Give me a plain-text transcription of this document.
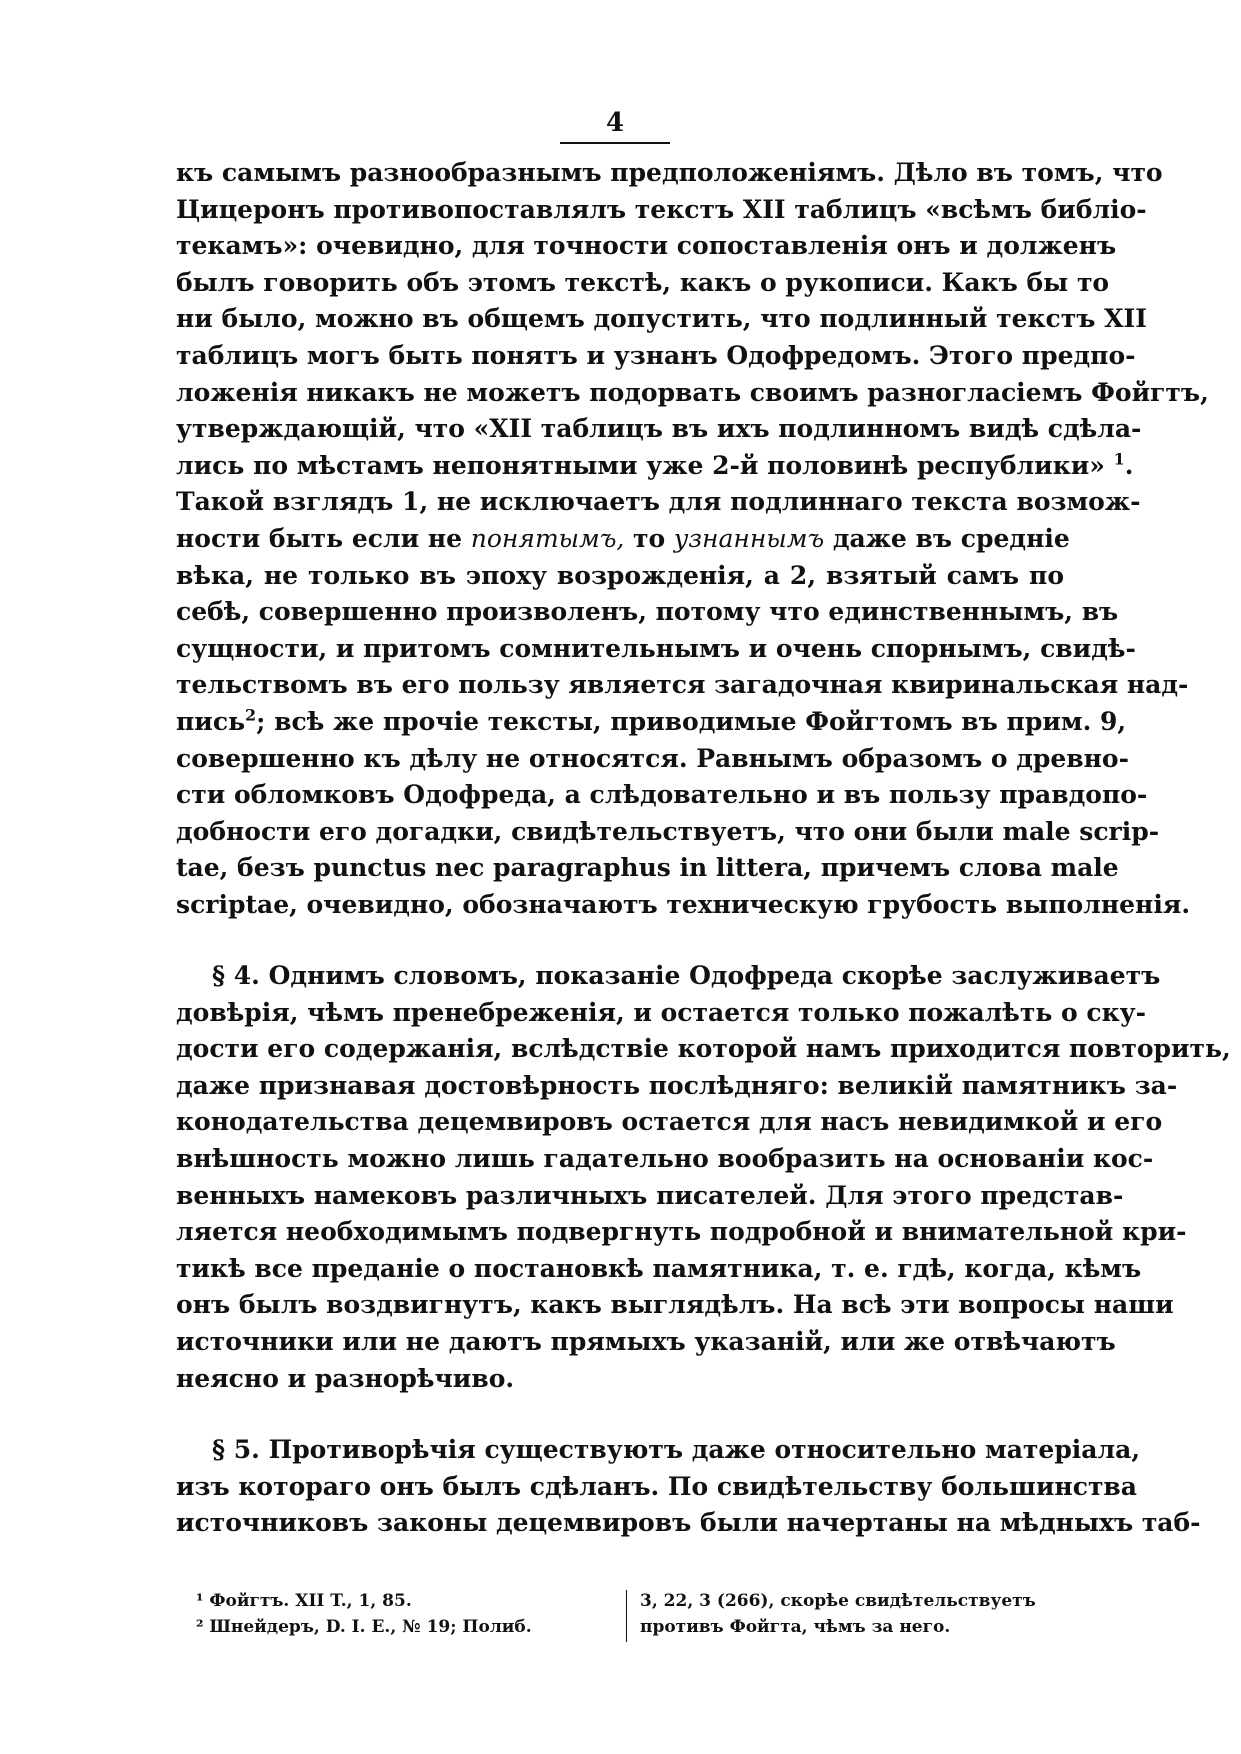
4
къ самымъ разнообразнымъ предположеніямъ. Дѣло въ томъ, что
Цицеронъ противопоставлялъ текстъ XII таблицъ «всѣмъ библіо-
текамъ»: очевидно, для точности сопоставленія онъ и долженъ
былъ говорить объ этомъ текстѣ, какъ о рукописи. Какъ бы то
ни было, можно въ общемъ допустить, что подлинный текстъ XII
таблицъ могъ быть понятъ и узнанъ Одофредомъ. Этого предпо-
ложенія никакъ не можетъ подорвать своимъ разногласіемъ Фойгтъ,
утверждающій, что «XII таблицъ въ ихъ подлинномъ видѣ сдѣла-
лись по мѣстамъ непонятными уже 2-й половинѣ республики» $^1$.
Такой взглядъ 1, не исключаетъ для подлиннаго текста возмож-
ности быть если не понятымъ, то узнаннымъ даже въ средніе
вѣка, не только въ эпоху возрожденія, а 2, взятый самъ по
себѣ, совершенно произволенъ, потому что единственнымъ, въ
сущности, и притомъ сомнительнымъ и очень спорнымъ, свидѣ-
тельствомъ въ его пользу является загадочная квиринальская над-
пись$^2$; всѣ же прочіе тексты, приводимые Фойгтомъ въ прим. 9,
совершенно къ дѣлу не относятся. Равнымъ образомъ о древно-
сти обломковъ Одофреда, а слѣдовательно и въ пользу правдопо-
добности его догадки, свидѣтельствуетъ, что они были male scrip-
tae, безъ punctus nec paragraphus in littera, причемъ слова male
scriptae, очевидно, обозначаютъ техническую грубость выполненія.
§ 4. Однимъ словомъ, показаніе Одофреда скорѣе заслуживаетъ
довѣрія, чѣмъ пренебреженія, и остается только пожалѣть о ску-
дости его содержанія, вслѣдствіе которой намъ приходится повторить,
даже признавая достовѣрность послѣдняго: великій памятникъ за-
конодательства децемвировъ остается для насъ невидимкой и его
внѣшность можно лишь гадательно вообразить на основаніи кос-
венныхъ намековъ различныхъ писателей. Для этого представ-
ляется необходимымъ подвергнуть подробной и внимательной кри-
тикѣ все преданіе о постановкѣ памятника, т. е. гдѣ, когда, кѣмъ
онъ былъ воздвигнутъ, какъ выглядѣлъ. На всѣ эти вопросы наши
источники или не даютъ прямыхъ указаній, или же отвѣчаютъ
неясно и разнорѣчиво.
§ 5. Противорѣчія существуютъ даже относительно матеріала,
изъ котораго онъ былъ сдѣланъ. По свидѣтельству большинства
источниковъ законы децемвировъ были начертаны на мѣдныхъ таб-
¹ Фойгтъ. XII T., 1, 85.
² Шнейдеръ, D. I. E., № 19; Полиб.
3, 22, 3 (266), скорѣе свидѣтельствуетъ
противъ Фойгта, чѣмъ за него.
